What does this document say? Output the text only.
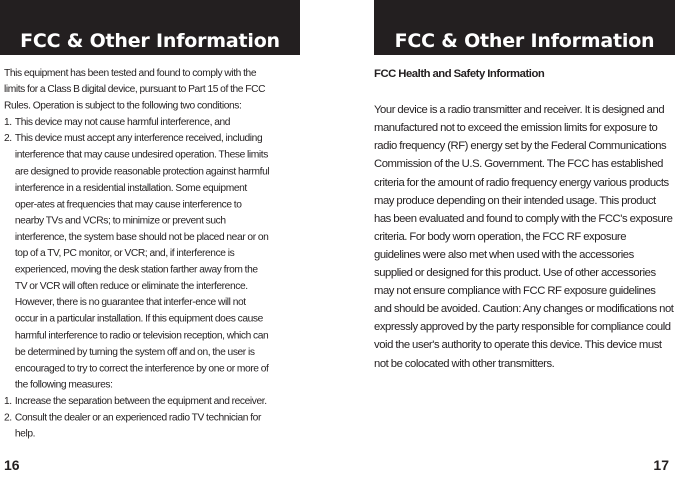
FCC & Other Information

This equipment has been tested and found to comply with the limits for a Class B digital device, pursuant to Part 15 of the FCC Rules. Operation is subject to the following two conditions:

1. This device may not cause harmful interference, and
2. This device must accept any interference received, including interference that may cause undesired operation. These limits are designed to provide reasonable protection against harmful interference in a residential installation. Some equipment oper-ates at frequencies that may cause interference to nearby TVs and VCRs; to minimize or prevent such interference, the system base should not be placed near or on top of a TV, PC monitor, or VCR; and, if interference is experienced, moving the desk station farther away from the TV or VCR will often reduce or eliminate the interference. However, there is no guarantee that interfer-ence will not occur in a particular installation. If this equipment does cause harmful interference to radio or television reception, which can be determined by turning the system off and on, the user is encouraged to try to correct the interference by one or more of the following measures:
1. Increase the separation between the equipment and receiver.
2. Consult the dealer or an experienced radio TV technician for help.
16
FCC & Other Information

FCC Health and Safety Information

Your device is a radio transmitter and receiver. It is designed and manufactured not to exceed the emission limits for exposure to radio frequency (RF) energy set by the Federal Communications Commission of the U.S. Government. The FCC has established criteria for the amount of radio frequency energy various products may produce depending on their intended usage. This product has been evaluated and found to comply with the FCC's exposure criteria. For body worn operation, the FCC RF exposure guidelines were also met when used with the accessories supplied or designed for this product. Use of other accessories may not ensure compliance with FCC RF exposure guidelines and should be avoided. Caution: Any changes or modifications not expressly approved by the party responsible for compliance could void the user's authority to operate this device. This device must not be colocated with other transmitters.

17
